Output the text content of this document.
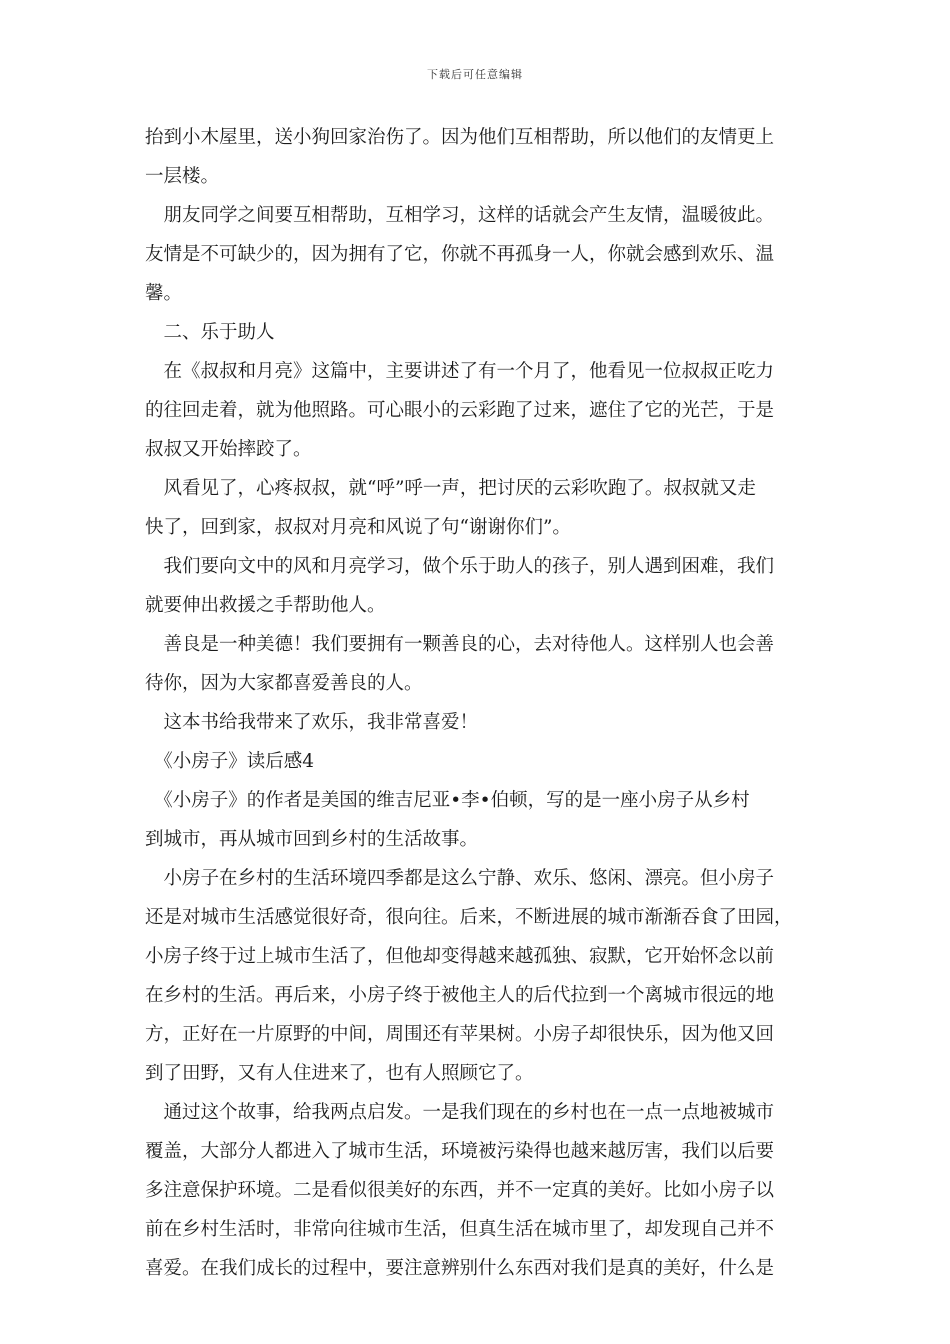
下载后可任意编辑

抬到小木屋里，送小狗回家治伤了。因为他们互相帮助，所以他们的友情更上

一层楼。

　朋友同学之间要互相帮助，互相学习，这样的话就会产生友情，温暖彼此。

友情是不可缺少的，因为拥有了它，你就不再孤身一人，你就会感到欢乐、温

馨。

　二、乐于助人

　在《叔叔和月亮》这篇中，主要讲述了有一个月了，他看见一位叔叔正吃力

的往回走着，就为他照路。可心眼小的云彩跑了过来，遮住了它的光芒，于是

叔叔又开始摔跤了。

　风看见了，心疼叔叔，就“呼”呼一声，把讨厌的云彩吹跑了。叔叔就又走

快了，回到家，叔叔对月亮和风说了句“谢谢你们”。

　我们要向文中的风和月亮学习，做个乐于助人的孩子，别人遇到困难，我们

就要伸出救援之手帮助他人。

　善良是一种美德！我们要拥有一颗善良的心，去对待他人。这样别人也会善

待你，因为大家都喜爱善良的人。

　这本书给我带来了欢乐，我非常喜爱！

　《小房子》读后感4

　《小房子》的作者是美国的维吉尼亚•李•伯顿，写的是一座小房子从乡村

到城市，再从城市回到乡村的生活故事。

　小房子在乡村的生活环境四季都是这么宁静、欢乐、悠闲、漂亮。但小房子

还是对城市生活感觉很好奇，很向往。后来，不断进展的城市渐渐吞食了田园，

小房子终于过上城市生活了，但他却变得越来越孤独、寂默，它开始怀念以前

在乡村的生活。再后来，小房子终于被他主人的后代拉到一个离城市很远的地

方，正好在一片原野的中间，周围还有苹果树。小房子却很快乐，因为他又回

到了田野，又有人住进来了，也有人照顾它了。

　通过这个故事，给我两点启发。一是我们现在的乡村也在一点一点地被城市

覆盖，大部分人都进入了城市生活，环境被污染得也越来越厉害，我们以后要

多注意保护环境。二是看似很美好的东西，并不一定真的美好。比如小房子以

前在乡村生活时，非常向往城市生活，但真生活在城市里了，却发现自己并不

喜爱。在我们成长的过程中，要注意辨别什么东西对我们是真的美好，什么是
